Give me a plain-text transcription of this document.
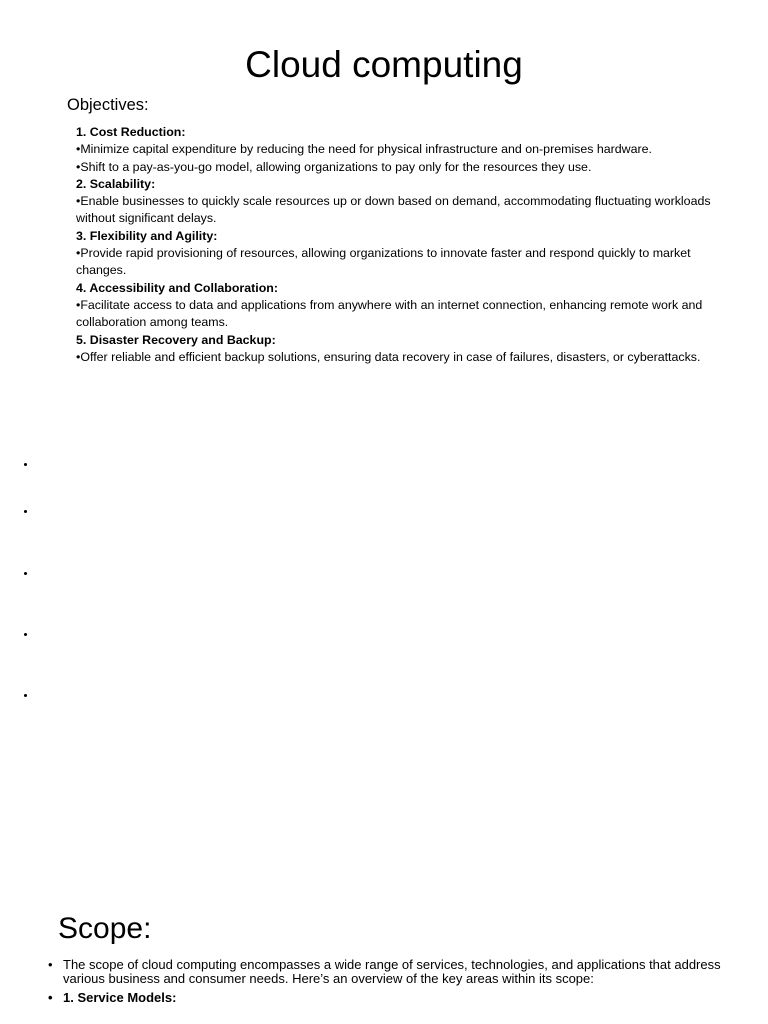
Cloud computing
Objectives:
1. Cost Reduction:
•Minimize capital expenditure by reducing the need for physical infrastructure and on-premises hardware.
•Shift to a pay-as-you-go model, allowing organizations to pay only for the resources they use.
2. Scalability:
•Enable businesses to quickly scale resources up or down based on demand, accommodating fluctuating workloads without significant delays.
3. Flexibility and Agility:
•Provide rapid provisioning of resources, allowing organizations to innovate faster and respond quickly to market changes.
4. Accessibility and Collaboration:
•Facilitate access to data and applications from anywhere with an internet connection, enhancing remote work and collaboration among teams.
5. Disaster Recovery and Backup:
•Offer reliable and efficient backup solutions, ensuring data recovery in case of failures, disasters, or cyberattacks.
Scope:
• The scope of cloud computing encompasses a wide range of services, technologies, and applications that address various business and consumer needs. Here’s an overview of the key areas within its scope:
• 1. Service Models:
